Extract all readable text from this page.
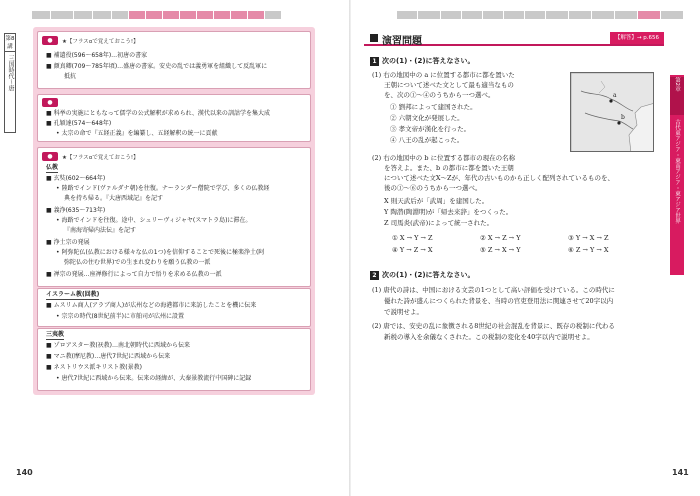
第8講
三国時代〜唐
●	★【フラスαで覚えておこう!】
■ 補遺役(596〜658年)…初唐の書家
■ 顔真卿(709〜785年頃)…盛唐の書家。安史の乱では義勇軍を組織して反乱軍に
抵抗
●
■ 科挙の実施にともなって儒学の公式解釈が求められ、漢代以来の訓詁学を集大成
■ 孔穎達(574〜648年)
• 太宗の命で『五経正義』を編纂し、五経解釈の統一に貢献
●	★【フラスαで覚えておこう!】
仏教
■ 玄奘(602〜664年)
• 陸路でインド(ヴァルダナ朝)を往復。ナーランダー僧院で学び、多くの仏教経
典を持ち帰る。『大唐西域記』を記す
■ 義浄(635〜713年)
• 海路でインドを往復。途中、シュリーヴィジャヤ(スマトラ島)に滞在。
『南海寄帰内法伝』を記す
■ 浄土宗の発展
• 阿弥陀仏(仏教における様々な仏の1つ)を信仰することで死後に極楽浄土(阿
弥陀仏の住む世界)での生まれ変わりを願う仏教の一派
■ 禅宗の発展…座禅修行によって自力で悟りを求める仏教の一派
イスラーム教(回教)
■ ムスリム商人(アラブ商人)が広州などの海港都市に来訪したことを機に伝来
• 宗宗の時代(8世紀前半)に市舶司が広州に設置
三夷教
■ ゾロアスター教(祆教)…南北朝時代に西域から伝来
■ マニ教(摩尼教)…唐代7世紀に西域から伝来
■ ネストリウス派キリスト教(景教)
• 唐代7世紀に西域から伝来。伝来の経緯が、大秦景教流行中国碑に記録
140
演習問題	【解答】→ p.656
1 次の(1)・(2)に答えなさい。
(1) 右の地図中の a に位置する都市に都を置いた
王朝について述べた文として最も適当なもの
を、次の①〜④のうちから一つ選べ。
① 劉邦によって建国された。
② 六朝文化が発展した。
③ 孝文帝が漢化を行った。
④ 八王の乱が起こった。
a
b
(2) 右の地図中の b に位置する都市の現在の名称
を答えよ。また、b の都市に都を置いた王朝
について述べた文X〜Zが、年代の古いものから正しく配列されているものを、
後の①〜⑥のうちから一つ選べ。
X 則天武后が「武周」を建国した。
Y 陶潜(陶淵明)が「帰去来辞」をつくった。
Z 司馬炎(武帝)によって統一された。
① X → Y → Z	② X → Z → Y	③ Y → X → Z
④ Y → Z → X	⑤ Z → X → Y	⑥ Z → Y → X
2 次の(1)・(2)に答えなさい。
(1) 唐代の詩は、中国における文芸の1つとして高い評価を受けている。この時代に
優れた詩が盛んにつくられた背景を、当時の官吏登用法に関連させて20字以内
で説明せよ。
(2) 唐では、安史の乱に象徴される8世紀の社会混乱を背景に、既存の税制に代わる
新税の導入を余儀なくされた。この税制の変化を40字以内で説明せよ。
第2章
古代東アジア・東南アジア・東アジア世界
141
